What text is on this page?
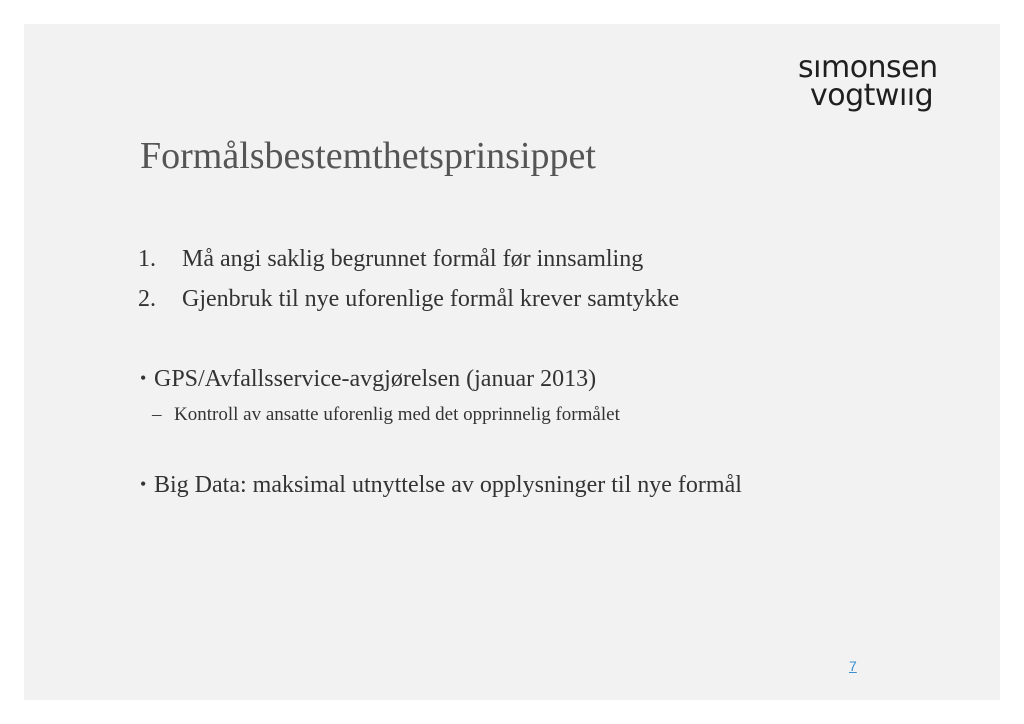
sımonsen
vogtwııg
Formålsbestemthetsprinsippet
1. Må angi saklig begrunnet formål før innsamling
2. Gjenbruk til nye uforenlige formål krever samtykke
• GPS/Avfallsservice-avgjørelsen (januar 2013)
– Kontroll av ansatte uforenlig med det opprinnelig formålet
• Big Data: maksimal utnyttelse av opplysninger til nye formål
7
